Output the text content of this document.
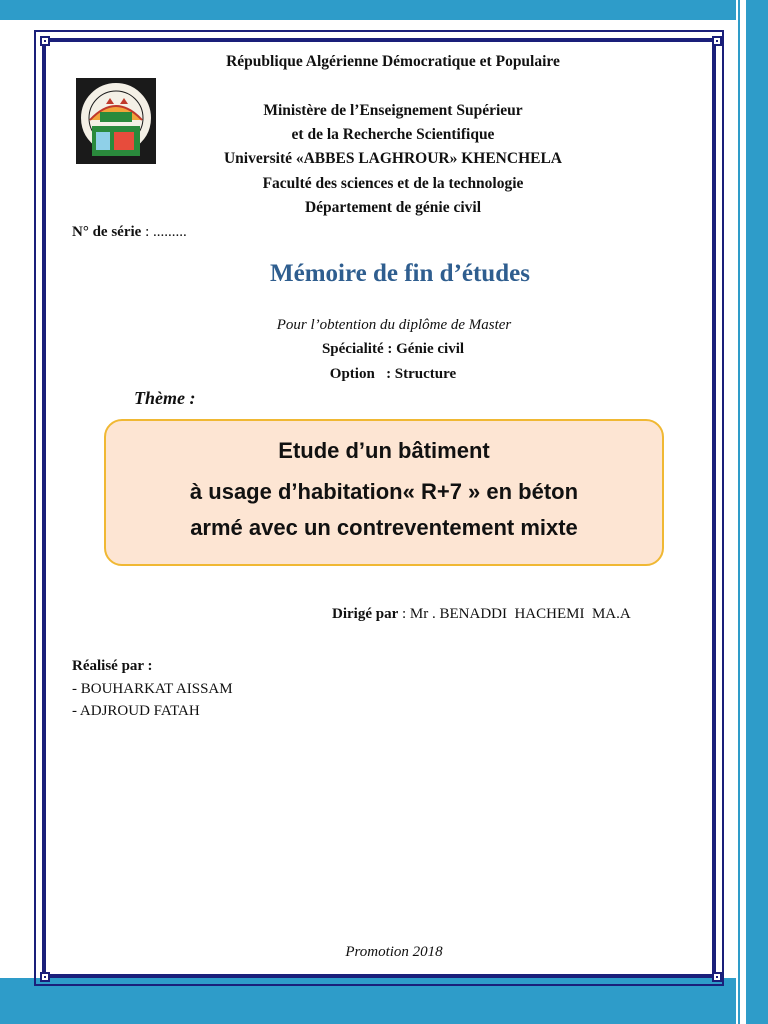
République Algérienne Démocratique et Populaire
Ministère de l’Enseignement Supérieur
et de la Recherche Scientifique
Université «ABBES LAGHROUR» KHENCHELA
Faculté des sciences et de la technologie
Département de génie civil
N° de série : .........
Mémoire de fin d’études
Pour l’obtention du diplôme de Master
Spécialité : Génie civil
Option   : Structure
Thème :
Etude d’un bâtiment
à usage d’habitation« R+7 » en béton
armé avec un contreventement mixte
Dirigé par : Mr . BENADDI  HACHEMI  MA.A
Réalisé par :
- BOUHARKAT AISSAM
- ADJROUD FATAH
Promotion 2018
